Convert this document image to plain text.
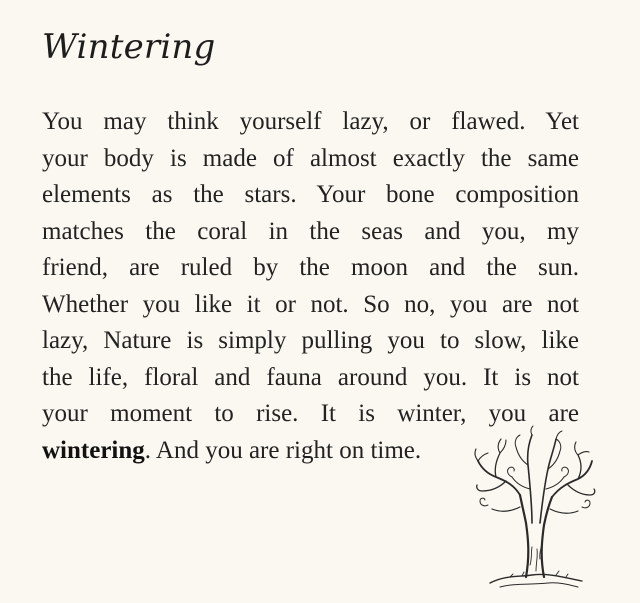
Wintering

You may think yourself lazy, or flawed. Yet
your body is made of almost exactly the same
elements as the stars. Your bone composition
matches the coral in the seas and you, my
friend, are ruled by the moon and the sun.
Whether you like it or not. So no, you are not
lazy, Nature is simply pulling you to slow, like
the life, floral and fauna around you. It is not
your moment to rise. It is winter, you are
wintering. And you are right on time.
